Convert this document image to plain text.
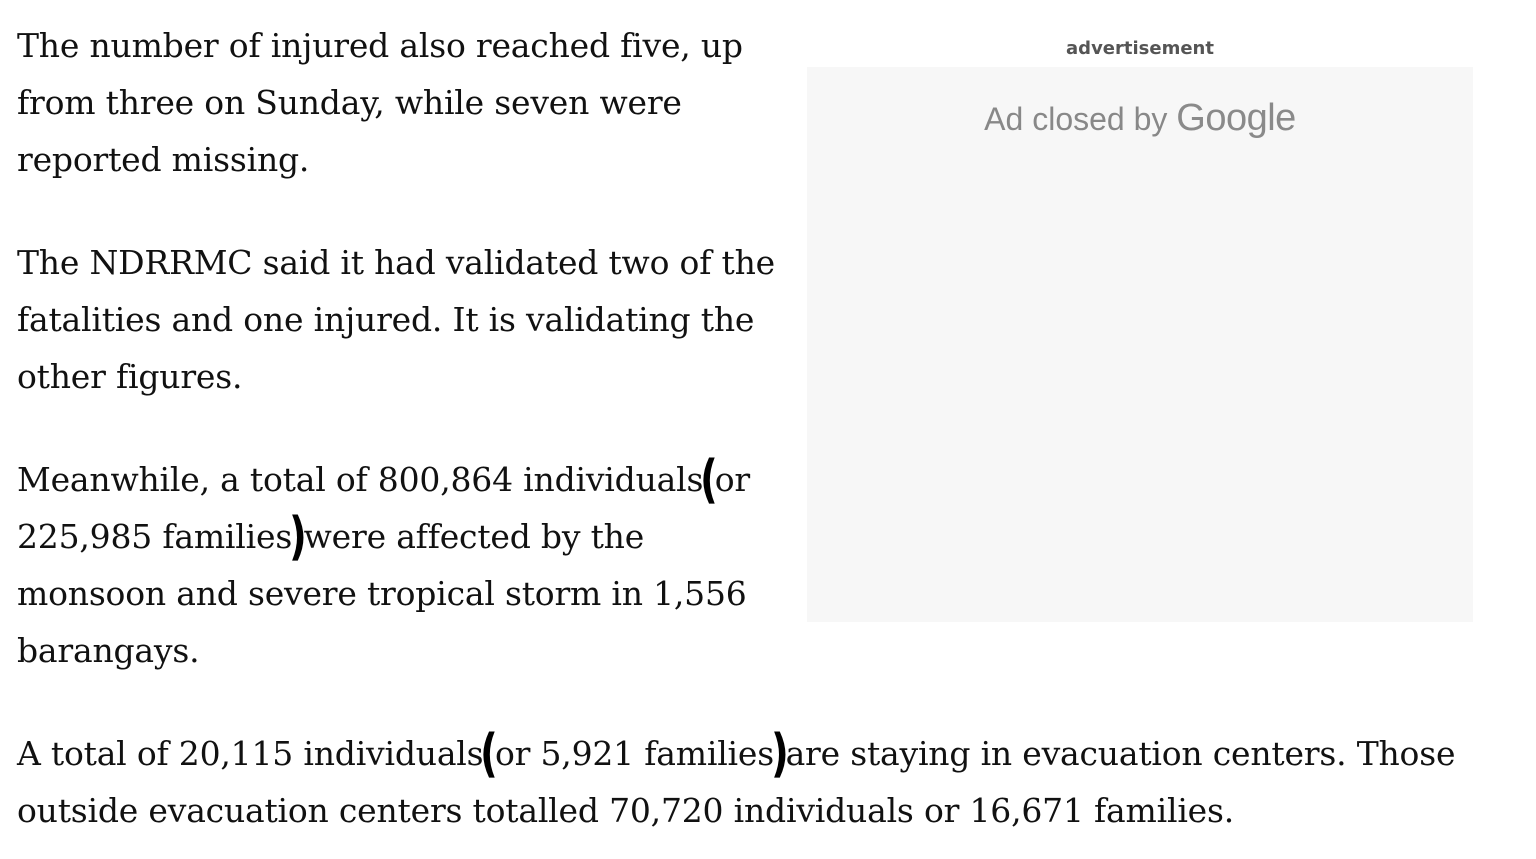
The number of injured also reached five, up from three on Sunday, while seven were reported missing.

The NDRRMC said it had validated two of the fatalities and one injured. It is validating the other figures.

Meanwhile, a total of 800,864 individuals(or 225,985 families)were affected by the monsoon and severe tropical storm in 1,556 barangays.

A total of 20,115 individuals(or 5,921 families)are staying in evacuation centers. Those outside evacuation centers totalled 70,720 individuals or 16,671 families.

advertisement
Ad closed by Google
